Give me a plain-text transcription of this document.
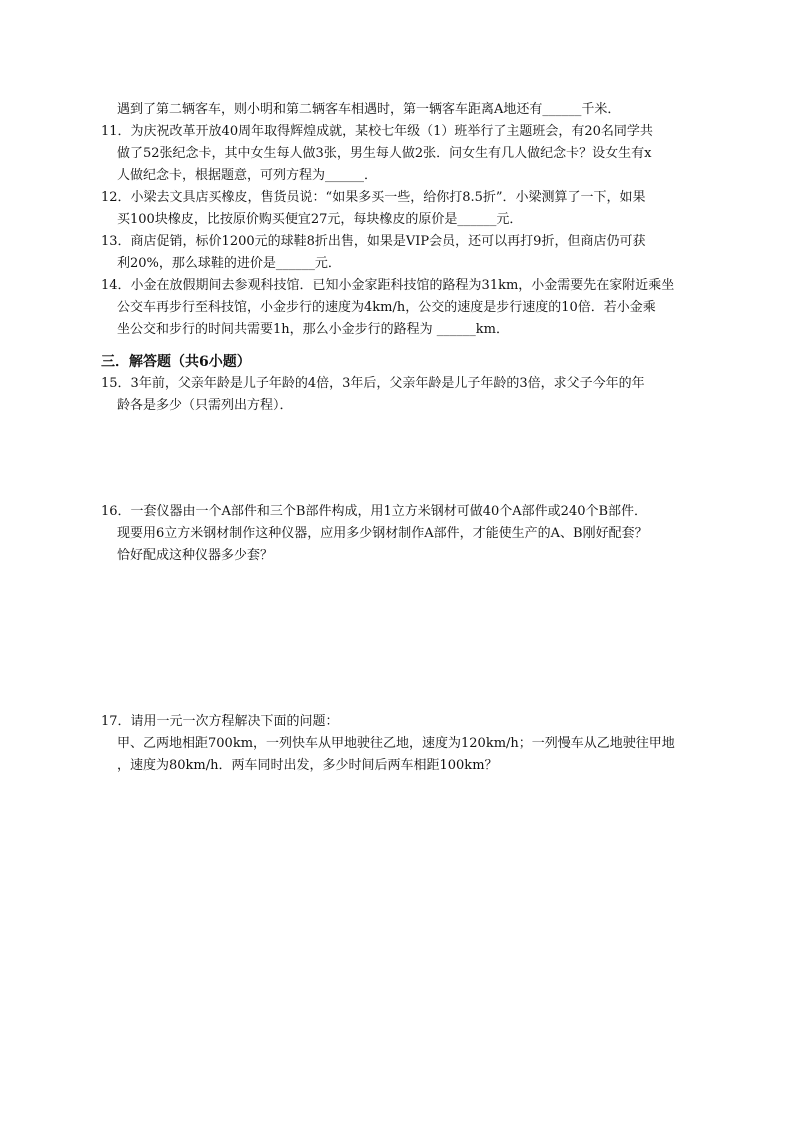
遇到了第二辆客车，则小明和第二辆客车相遇时，第一辆客车距离A地还有______千米．
11．为庆祝改革开放40周年取得辉煌成就，某校七年级（1）班举行了主题班会，有20名同学共
做了52张纪念卡，其中女生每人做3张，男生每人做2张．问女生有几人做纪念卡？设女生有x
人做纪念卡，根据题意，可列方程为______．
12．小梁去文具店买橡皮，售货员说：“如果多买一些，给你打8.5折”．小梁测算了一下，如果
买100块橡皮，比按原价购买便宜27元，每块橡皮的原价是______元．
13．商店促销，标价1200元的球鞋8折出售，如果是VIP会员，还可以再打9折，但商店仍可获
利20%，那么球鞋的进价是______元．
14．小金在放假期间去参观科技馆．已知小金家距科技馆的路程为31km，小金需要先在家附近乘坐
公交车再步行至科技馆，小金步行的速度为4km/h，公交的速度是步行速度的10倍．若小金乘
坐公交和步行的时间共需要1h，那么小金步行的路程为 ______km．
三．解答题（共6小题）
15．3年前，父亲年龄是儿子年龄的4倍，3年后，父亲年龄是儿子年龄的3倍，求父子今年的年
龄各是多少（只需列出方程）．
16．一套仪器由一个A部件和三个B部件构成，用1立方米钢材可做40个A部件或240个B部件．
现要用6立方米钢材制作这种仪器，应用多少钢材制作A部件，才能使生产的A、B刚好配套？
恰好配成这种仪器多少套？
17．请用一元一次方程解决下面的问题：
甲、乙两地相距700km，一列快车从甲地驶往乙地，速度为120km/h；一列慢车从乙地驶往甲地
，速度为80km/h．两车同时出发，多少时间后两车相距100km？
